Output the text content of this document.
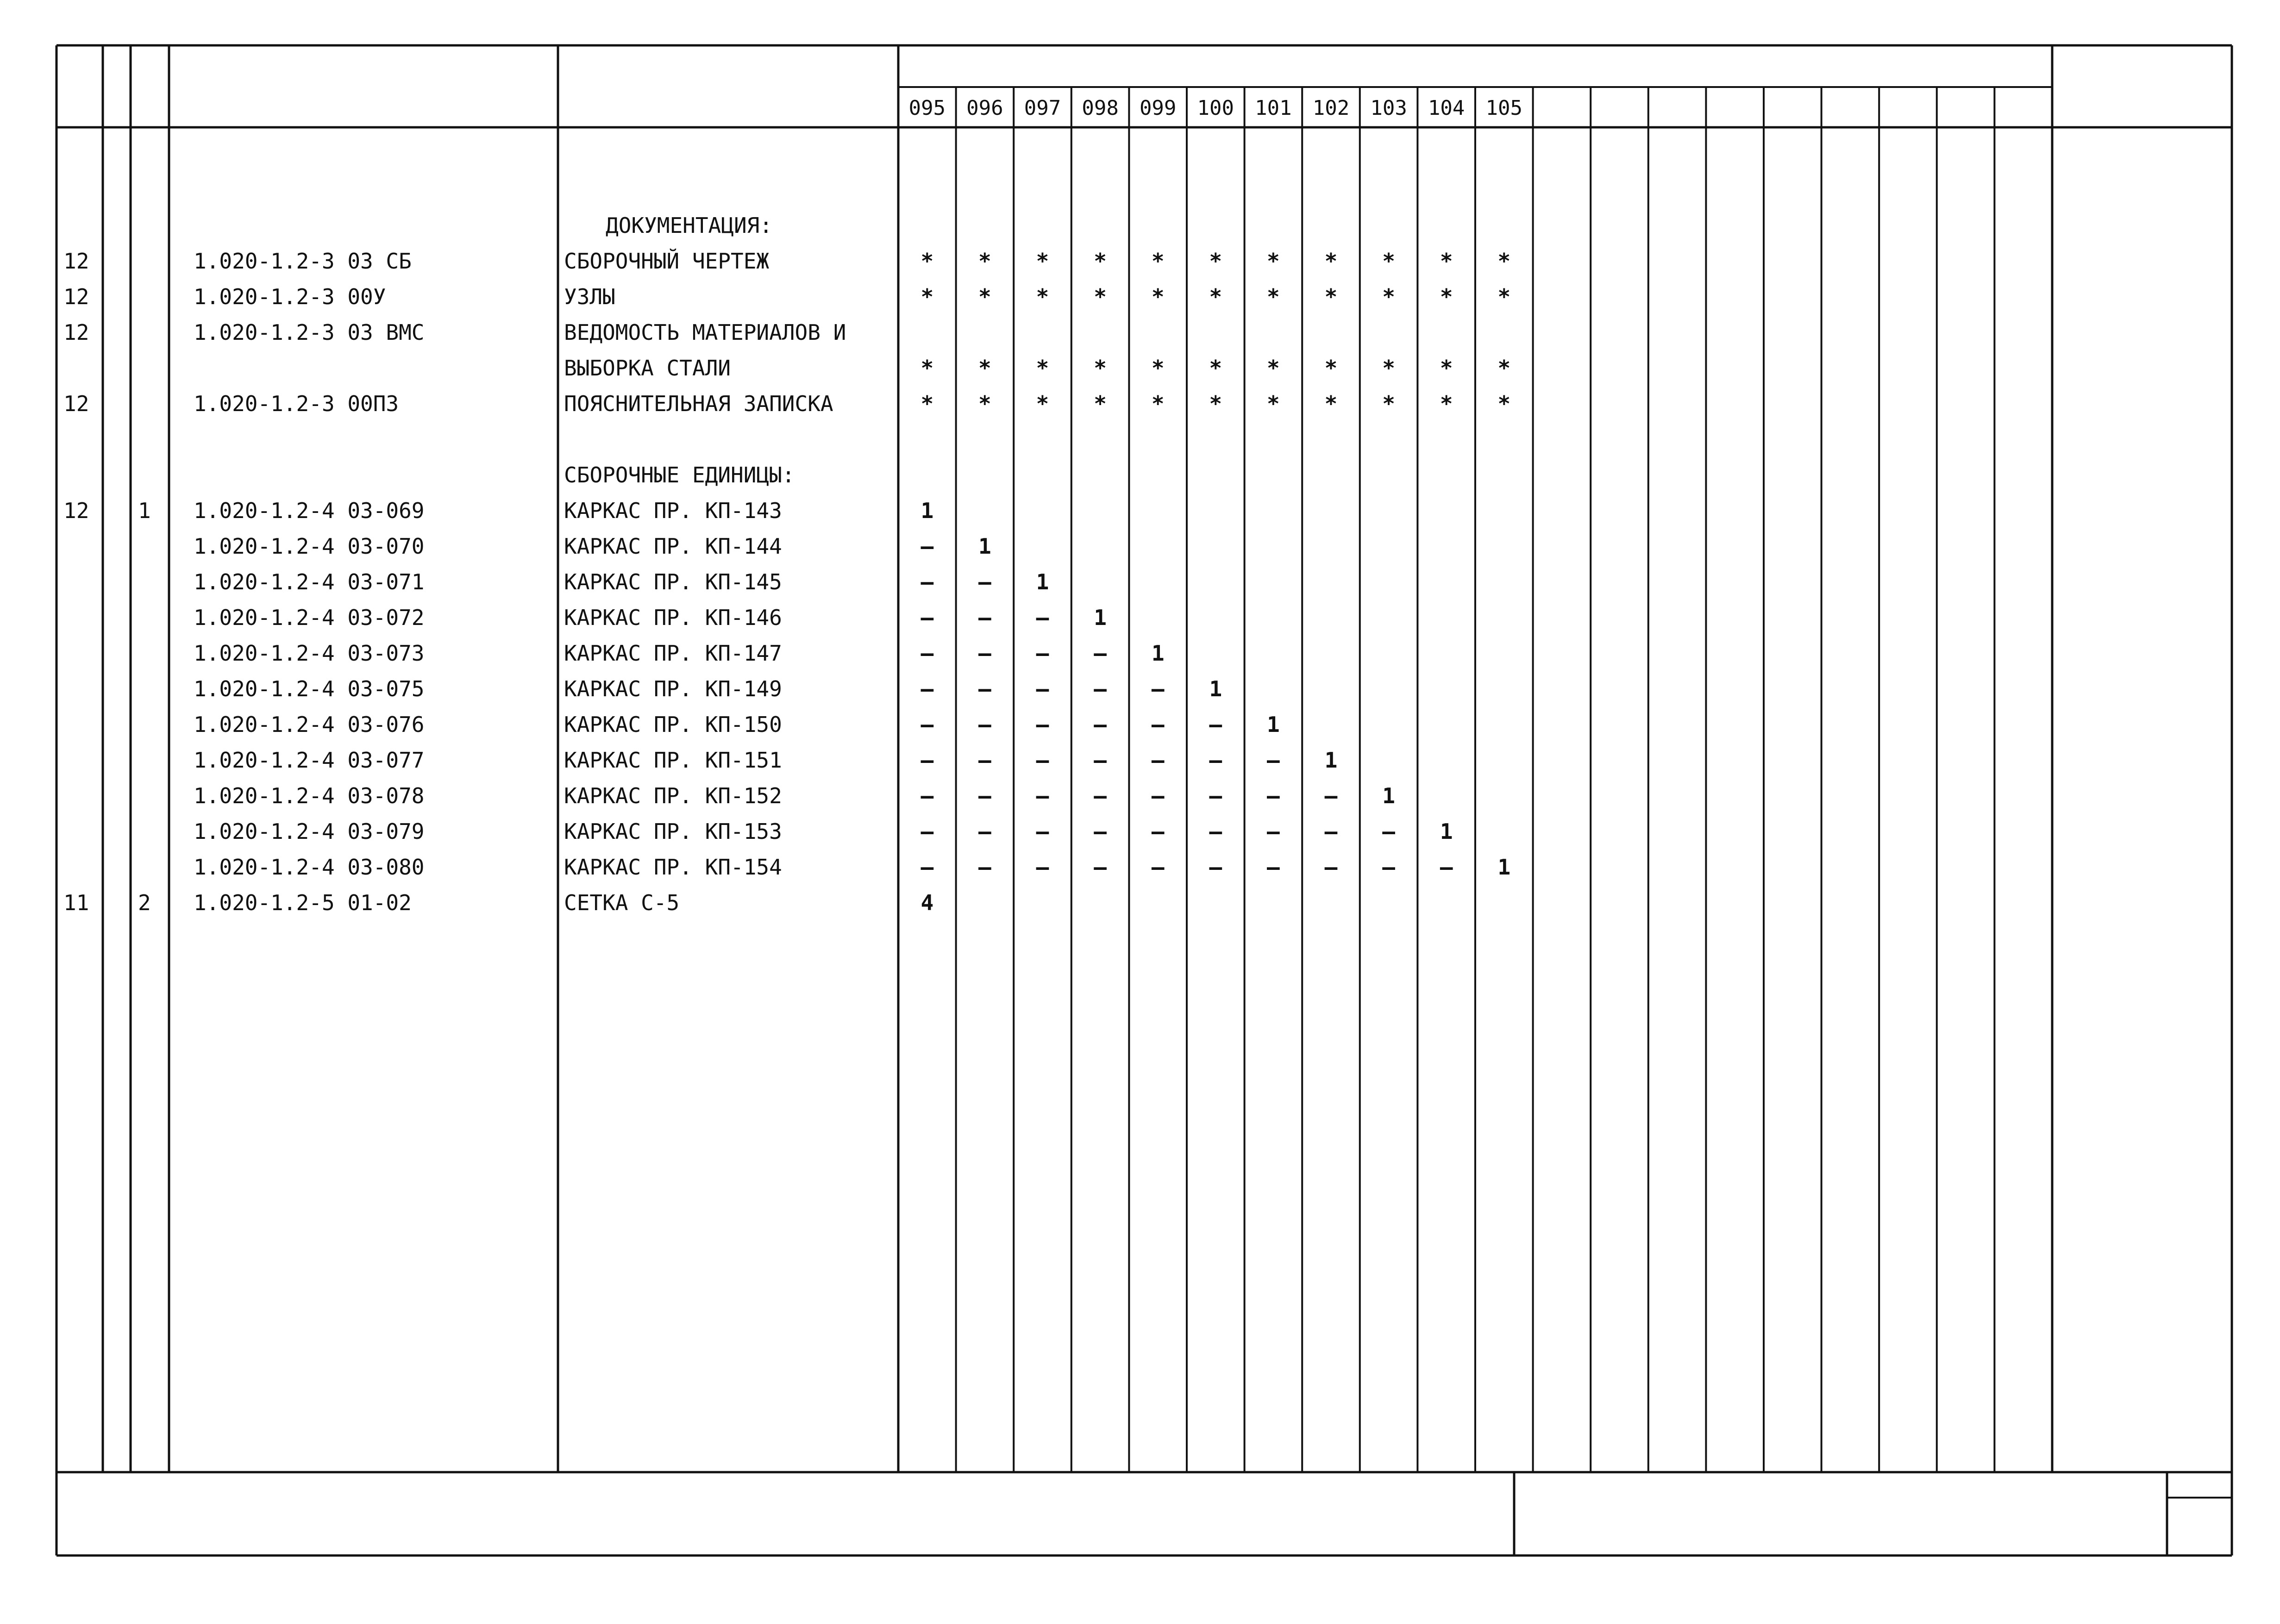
095	096	097	098	099	100	101	102	103	104	105
ДОКУМЕНТАЦИЯ:
12	1.020-1.2-3 03 СБ	СБОРОЧНЫЙ ЧЕРТЕЖ	*	*	*	*	*	*	*	*	*	*	*
12	1.020-1.2-3 00У	УЗЛЫ	*	*	*	*	*	*	*	*	*	*	*
12	1.020-1.2-3 03 ВМС	ВЕДОМОСТЬ МАТЕРИАЛОВ И
ВЫБОРКА СТАЛИ	*	*	*	*	*	*	*	*	*	*	*
12	1.020-1.2-3 00ПЗ	ПОЯСНИТЕЛЬНАЯ ЗАПИСКА	*	*	*	*	*	*	*	*	*	*	*
СБОРОЧНЫЕ ЕДИНИЦЫ:
12 1 1.020-1.2-4 03-069	КАРКАС ПР. КП-143	1
1.020-1.2-4 03-070	КАРКАС ПР. КП-144	–	1
1.020-1.2-4 03-071	КАРКАС ПР. КП-145	–	–	1
1.020-1.2-4 03-072	КАРКАС ПР. КП-146	–	–	–	1
1.020-1.2-4 03-073	КАРКАС ПР. КП-147	–	–	–	–	1
1.020-1.2-4 03-075	КАРКАС ПР. КП-149	–	–	–	–	–	1
1.020-1.2-4 03-076	КАРКАС ПР. КП-150	–	–	–	–	–	–	1
1.020-1.2-4 03-077	КАРКАС ПР. КП-151	–	–	–	–	–	–	–	1
1.020-1.2-4 03-078	КАРКАС ПР. КП-152	–	–	–	–	–	–	–	–	1
1.020-1.2-4 03-079	КАРКАС ПР. КП-153	–	–	–	–	–	–	–	–	–	1
1.020-1.2-4 03-080	КАРКАС ПР. КП-154	–	–	–	–	–	–	–	–	–	–	1
11 2 1.020-1.2-5 01-02	СЕТКА С-5	4
